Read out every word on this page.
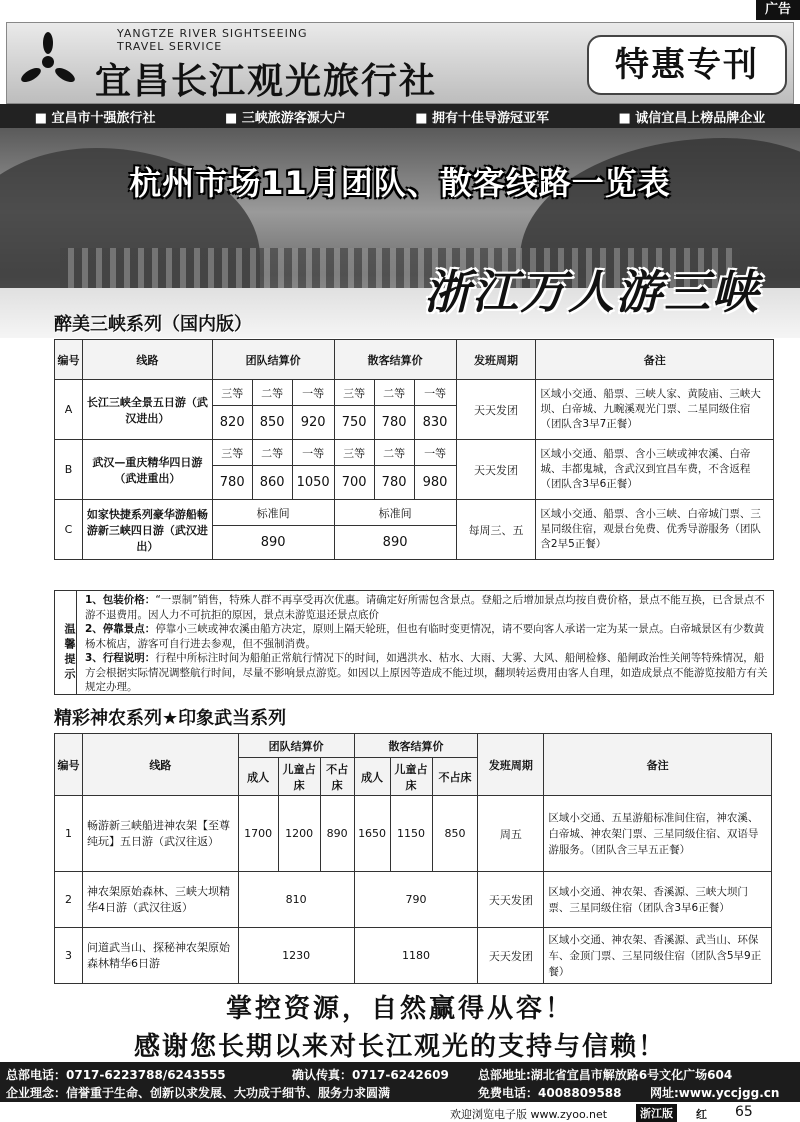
广告
YANGTZE RIVER SIGHTSEEING
TRAVEL SERVICE
宜昌长江观光旅行社	特惠专刊
■ 宜昌市十强旅行社	■ 三峡旅游客源大户	■ 拥有十佳导游冠亚军	■ 诚信宜昌上榜品牌企业
杭州市场11月团队、散客线路一览表
浙江万人游三峡
醉美三峡系列（国内版）
编号	线路	团队结算价			散客结算价			发班周期	备注
A	长江三峡全景五日游（武汉进出）	三等	二等	一等	三等	二等	一等	天天发团	区域小交通、船票、三峡人家、黄陵庙、三峡大坝、白帝城、九畹溪观光门票、二星同级住宿（团队含3早7正餐）
		820	850	920	750	780	830		
B	武汉—重庆精华四日游（武进重出）	三等	二等	一等	三等	二等	一等	天天发团	区域小交通、船票、含小三峡或神农溪、白帝城、丰都鬼城，含武汉到宜昌车费，不含返程（团队含3早6正餐）
		780	860	1050	700	780	980		
C	如家快捷系列豪华游船畅游新三峡四日游（武汉进出）	标准间			标准间			每周三、五	区域小交通、船票、含小三峡、白帝城门票、三星同级住宿，观景台免费、优秀导游服务（团队含2早5正餐）
		890			890				
温馨提示

1、包装价格：“一票制”销售，特殊人群不再享受再次优惠。请确定好所需包含景点。登船之后增加景点均按自费价格，景点不能互换，已含景点不游不退费用。因人力不可抗拒的原因，景点未游览退还景点底价

2、停靠景点：停靠小三峡或神农溪由船方决定，原则上隔天轮班，但也有临时变更情况，请不要向客人承诺一定为某一景点。白帝城景区有少数黄杨木梳店，游客可自行进去参观，但不强制消费。

3、行程说明：行程中所标注时间为船舶正常航行情况下的时间，如遇洪水、枯水、大雨、大雾、大风、船闸检修、船闸政治性关闸等特殊情况，船方会根据实际情况调整航行时间，尽量不影响景点游览。如因以上原因等造成不能过坝，翻坝转运费用由客人自理，如造成景点不能游览按船方有关规定办理。

精彩神农系列★印象武当系列
编号	线路	团队结算价			散客结算价			发班周期	备注
		成人	儿童占床	不占床	成人	儿童占床	不占床		
1	畅游新三峡船进神农架【至尊纯玩】五日游（武汉往返）	1700	1200	890	1650	1150	850	周五	区域小交通、五星游船标准间住宿，神农溪、白帝城、神农架门票、三星同级住宿、双语导游服务。（团队含三早五正餐）
2	神农架原始森林、三峡大坝精华4日游（武汉往返）	810			790			天天发团	区域小交通、神农架、香溪源、三峡大坝门票、三星同级住宿（团队含3早6正餐）
3	问道武当山、探秘神农架原始森林精华6日游	1230			1180			天天发团	区域小交通、神农架、香溪源、武当山、环保车、金顶门票、三星同级住宿（团队含5早9正餐）
掌控资源，自然赢得从容！
感谢您长期以来对长江观光的支持与信赖！
总部电话：0717-6223788/6243555	确认传真：0717-6242609 总部地址:湖北省宜昌市解放路6号文化广场604
企业理念：信誉重于生命、创新以求发展、大功成于细节、服务力求圆满	免费电话：4008809588 网址:www.yccjgg.cn
欢迎浏览电子版 www.zyoo.net	浙江版	红 65
